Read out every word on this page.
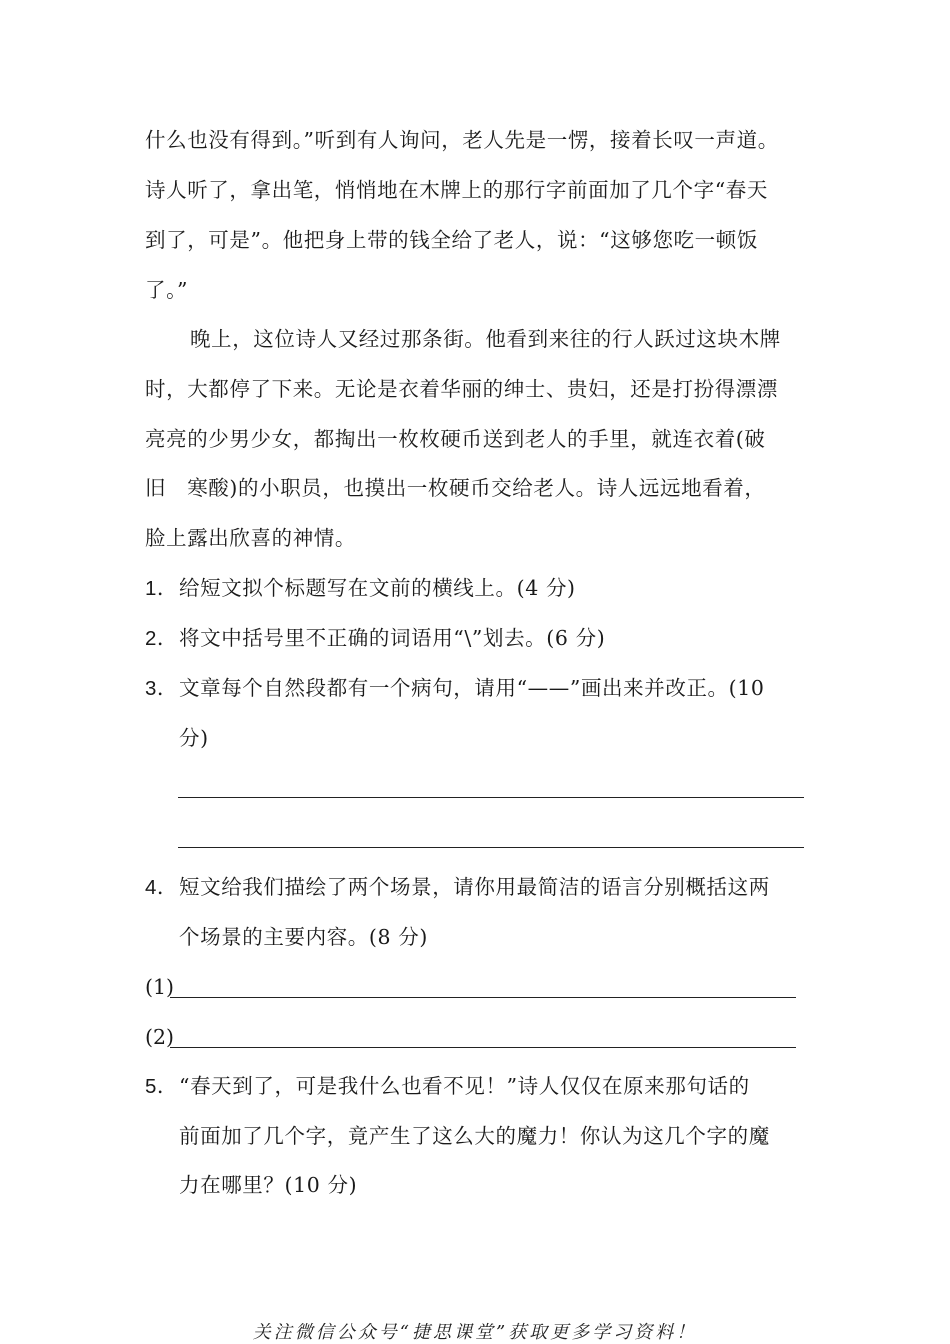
什么也没有得到。”听到有人询问，老人先是一愣，接着长叹一声道。
诗人听了，拿出笔，悄悄地在木牌上的那行字前面加了几个字“春天
到了，可是”。他把身上带的钱全给了老人，说：“这够您吃一顿饭
了。”
晚上，这位诗人又经过那条街。他看到来往的行人跃过这块木牌
时，大都停了下来。无论是衣着华丽的绅士、贵妇，还是打扮得漂漂
亮亮的少男少女，都掏出一枚枚硬币送到老人的手里，就连衣着(破
旧　寒酸)的小职员，也摸出一枚硬币交给老人。诗人远远地看着，
脸上露出欣喜的神情。
1．给短文拟个标题写在文前的横线上。(4 分)
2．将文中括号里不正确的词语用“\”划去。(6 分)
3．文章每个自然段都有一个病句，请用“——”画出来并改正。(10
分)
4．短文给我们描绘了两个场景，请你用最简洁的语言分别概括这两
个场景的主要内容。(8 分)
(1)
(2)
5．“春天到了，可是我什么也看不见！”诗人仅仅在原来那句话的
前面加了几个字，竟产生了这么大的魔力！你认为这几个字的魔
力在哪里？(10 分)
关注微信公众号“捷思课堂”获取更多学习资料！
